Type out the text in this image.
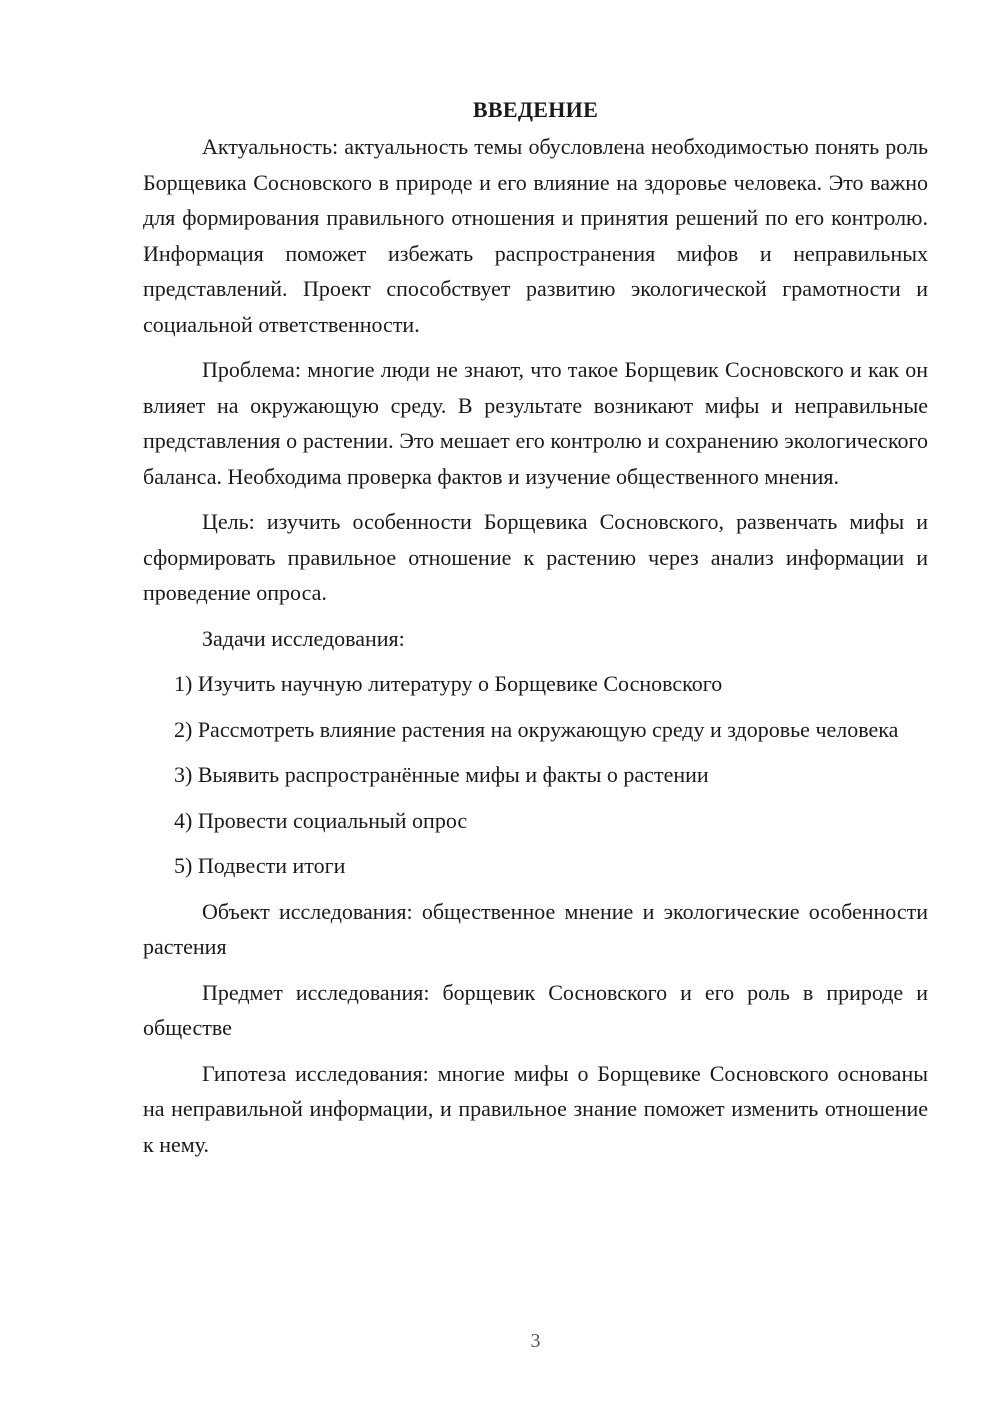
ВВЕДЕНИЕ

Актуальность: актуальность темы обусловлена необходимостью понять роль Борщевика Сосновского в природе и его влияние на здоровье человека. Это важно для формирования правильного отношения и принятия решений по его контролю. Информация поможет избежать распространения мифов и неправильных представлений. Проект способствует развитию экологической грамотности и социальной ответственности.

Проблема: многие люди не знают, что такое Борщевик Сосновского и как он влияет на окружающую среду. В результате возникают мифы и неправильные представления о растении. Это мешает его контролю и сохранению экологического баланса. Необходима проверка фактов и изучение общественного мнения.

Цель: изучить особенности Борщевика Сосновского, развенчать мифы и сформировать правильное отношение к растению через анализ информации и проведение опроса.

Задачи исследования:

1) Изучить научную литературу о Борщевике Сосновского

2) Рассмотреть влияние растения на окружающую среду и здоровье человека

3) Выявить распространённые мифы и факты о растении

4) Провести социальный опрос

5) Подвести итоги

Объект исследования: общественное мнение и экологические особенности растения

Предмет исследования: борщевик Сосновского и его роль в природе и обществе

Гипотеза исследования: многие мифы о Борщевике Сосновского основаны на неправильной информации, и правильное знание поможет изменить отношение к нему.

3
